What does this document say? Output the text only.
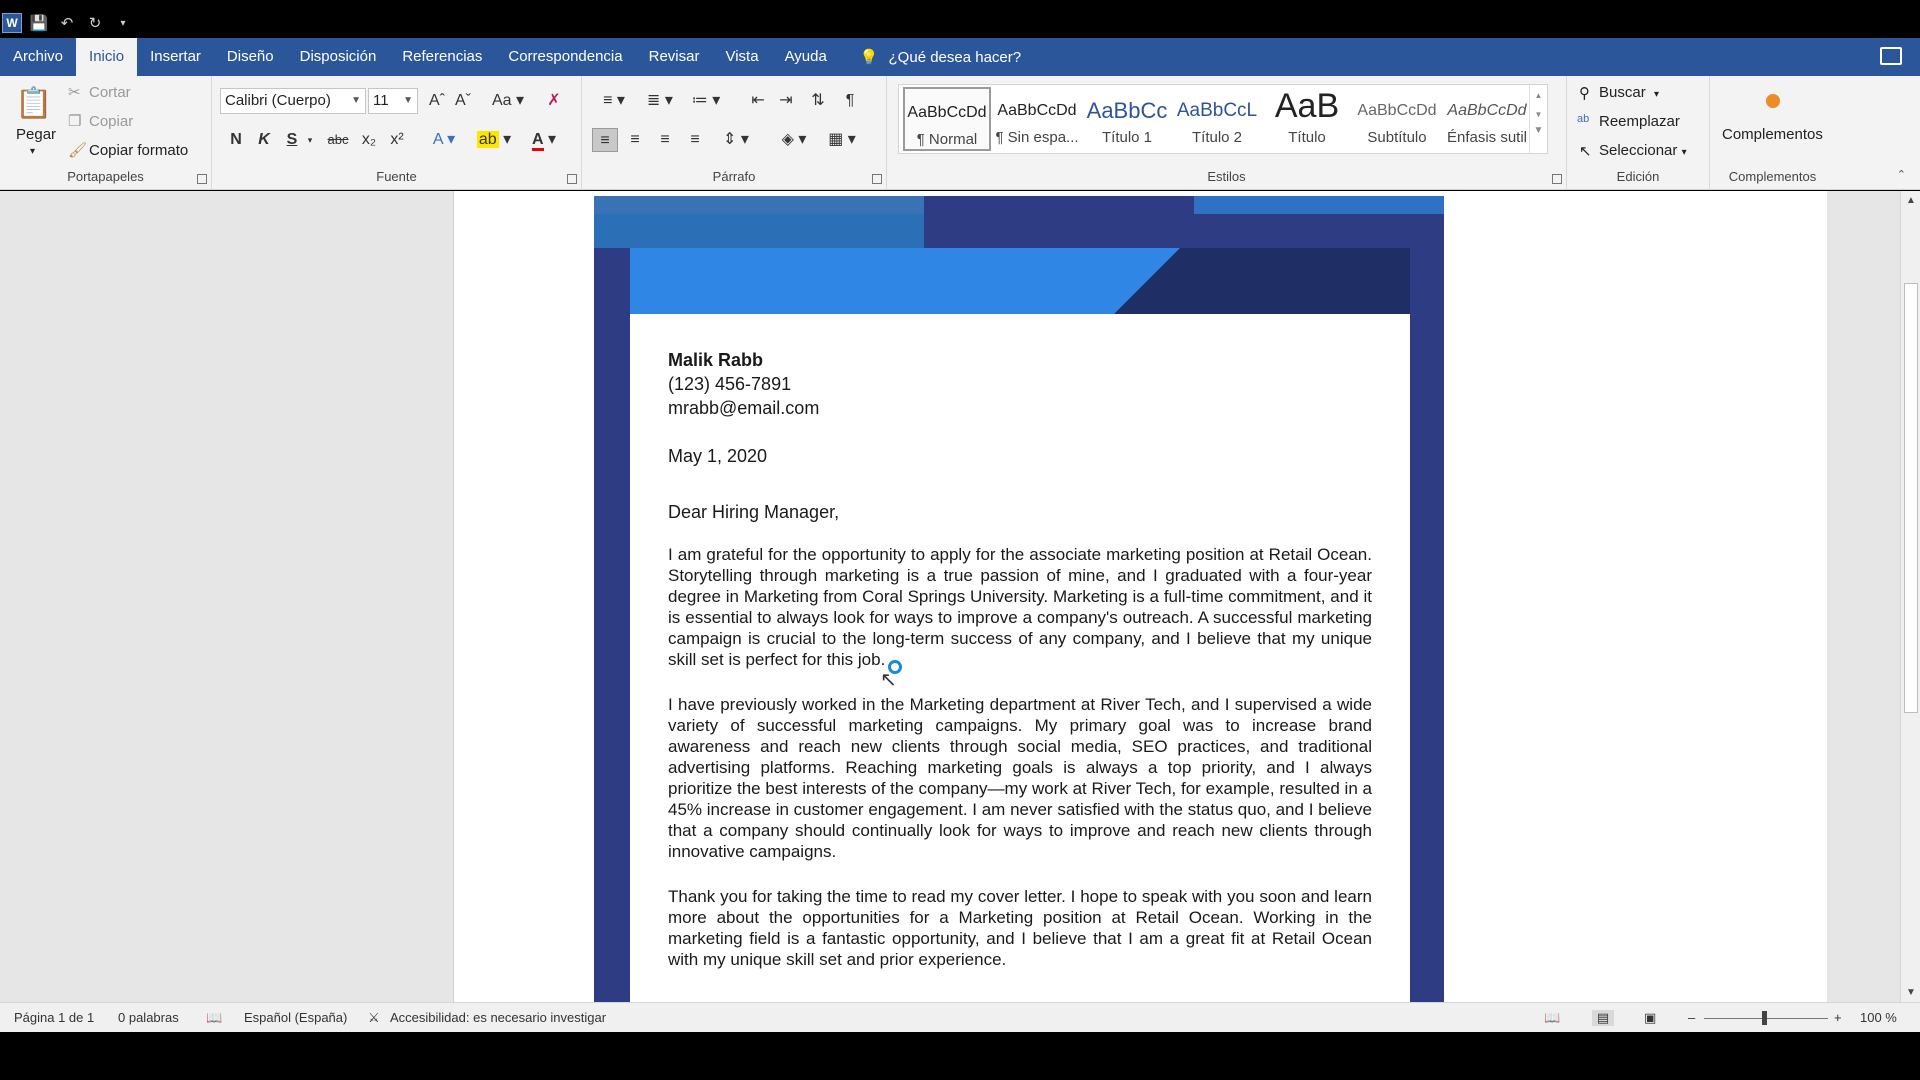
W 💾 ↶	↻	▾
Archivo	Inicio	Insertar	Diseño	Disposición	Referencias	Correspondencia	Revisar	Vista	Ayuda	💡 ¿Qué desea hacer?
📋
Pegar
▾
✂ Cortar
❐ Copiar
🖌 Copiar formato
Portapapeles
Calibri (Cuerpo) ▼ 11 ▼ Aˆ Aˇ Aa ▾	✗
N K S	▾ abc x₂ x²	A ▾	ab ▾	A ▾
Fuente
≡ ▾	≣ ▾	≔ ▾	⇤ ⇥	⇅	¶
≡	≡	≡	≡	⇕ ▾	◈ ▾	▦ ▾
Párrafo	Estilos
AaBbCcDd
¶ Normal
AaBbCcDd
¶ Sin espa...
AaBbCc
Título 1
AaBbCcL
Título 2
AaB
Título
AaBbCcDd
Subtítulo
AaBbCcDd
Énfasis sutil
▲
▼
▼
⚲ Buscar ▾
ab Reemplazar
↖ Seleccionar ▾
Edición
Complementos
Complementos	⌃
Malik Rabb
(123) 456-7891
mrabb@email.com
May 1, 2020
Dear Hiring Manager,
I am grateful for the opportunity to apply for the associate marketing position at Retail Ocean. Storytelling through marketing is a true passion of mine, and I graduated with a four-year degree in Marketing from Coral Springs University. Marketing is a full-time commitment, and it is essential to always look for ways to improve a company's outreach. A successful marketing campaign is crucial to the long-term success of any company, and I believe that my unique skill set is perfect for this job.
I have previously worked in the Marketing department at River Tech, and I supervised a wide variety of successful marketing campaigns. My primary goal was to increase brand awareness and reach new clients through social media, SEO practices, and traditional advertising platforms. Reaching marketing goals is always a top priority, and I always prioritize the best interests of the company—my work at River Tech, for example, resulted in a 45% increase in customer engagement. I am never satisfied with the status quo, and I believe that a company should continually look for ways to improve and reach new clients through innovative campaigns.
Thank you for taking the time to read my cover letter. I hope to speak with you soon and learn more about the opportunities for a Marketing position at Retail Ocean. Working in the marketing field is a fantastic opportunity, and I believe that I am a great fit at Retail Ocean with my unique skill set and prior experience.
↖
▲
▼
Página 1 de 1 0 palabras 📖 Español (España) ⚔ Accesibilidad: es necesario investigar	📖	▤	▣ –	+ 100 %
